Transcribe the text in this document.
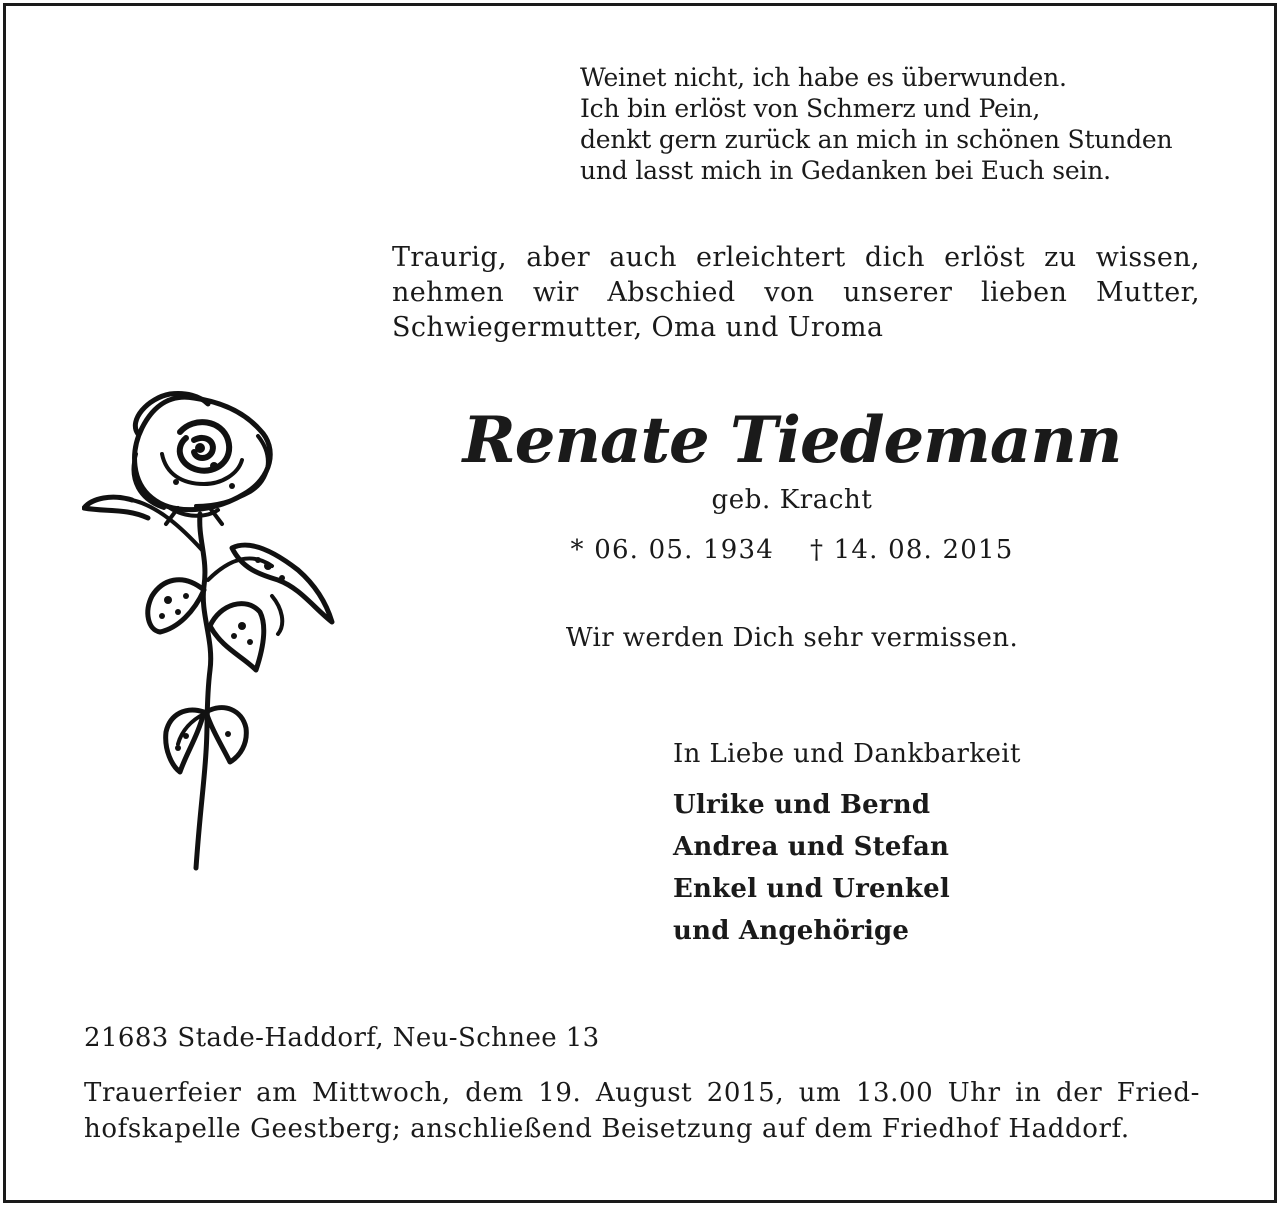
Weinet nicht, ich habe es überwunden.
Ich bin erlöst von Schmerz und Pein,
denkt gern zurück an mich in schönen Stunden
und lasst mich in Gedanken bei Euch sein.
Traurig, aber auch erleichtert dich erlöst zu wissen,
nehmen wir Abschied von unserer lieben Mutter,
Schwiegermutter, Oma und Uroma
Renate Tiedemann
geb. Kracht
* 06. 05. 1934 † 14. 08. 2015
Wir werden Dich sehr vermissen.
In Liebe und Dankbarkeit
Ulrike und Bernd
Andrea und Stefan
Enkel und Urenkel
und Angehörige
21683 Stade-Haddorf, Neu-Schnee 13
Trauerfeier am Mittwoch, dem 19. August 2015, um 13.00 Uhr in der Fried-
hofskapelle Geestberg; anschließend Beisetzung auf dem Friedhof Haddorf.
